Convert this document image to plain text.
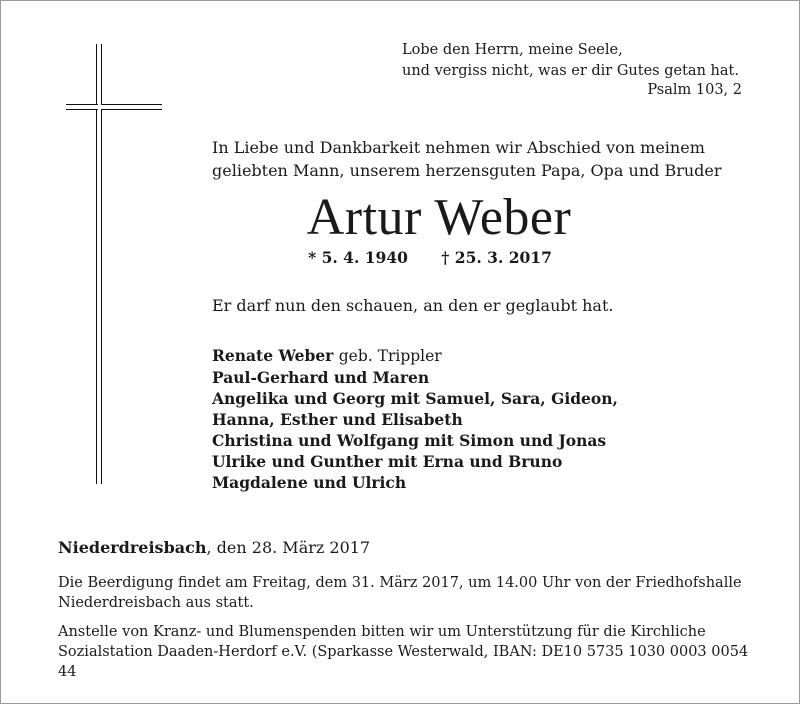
Lobe den Herrn, meine Seele,
und vergiss nicht, was er dir Gutes getan hat.
Psalm 103, 2
In Liebe und Dankbarkeit nehmen wir Abschied von meinem
geliebten Mann, unserem herzensguten Papa, Opa und Bruder
Artur Weber
* 5. 4. 1940 † 25. 3. 2017
Er darf nun den schauen, an den er geglaubt hat.
Renate Weber geb. Trippler
Paul-Gerhard und Maren
Angelika und Georg mit Samuel, Sara, Gideon,
Hanna, Esther und Elisabeth
Christina und Wolfgang mit Simon und Jonas
Ulrike und Gunther mit Erna und Bruno
Magdalene und Ulrich
Niederdreisbach, den 28. März 2017
Die Beerdigung findet am Freitag, dem 31. März 2017, um 14.00 Uhr von der Friedhofshalle
Niederdreisbach aus statt.
Anstelle von Kranz- und Blumenspenden bitten wir um Unterstützung für die Kirchliche
Sozialstation Daaden-Herdorf e.V. (Sparkasse Westerwald, IBAN: DE10 5735 1030 0003 0054 44
